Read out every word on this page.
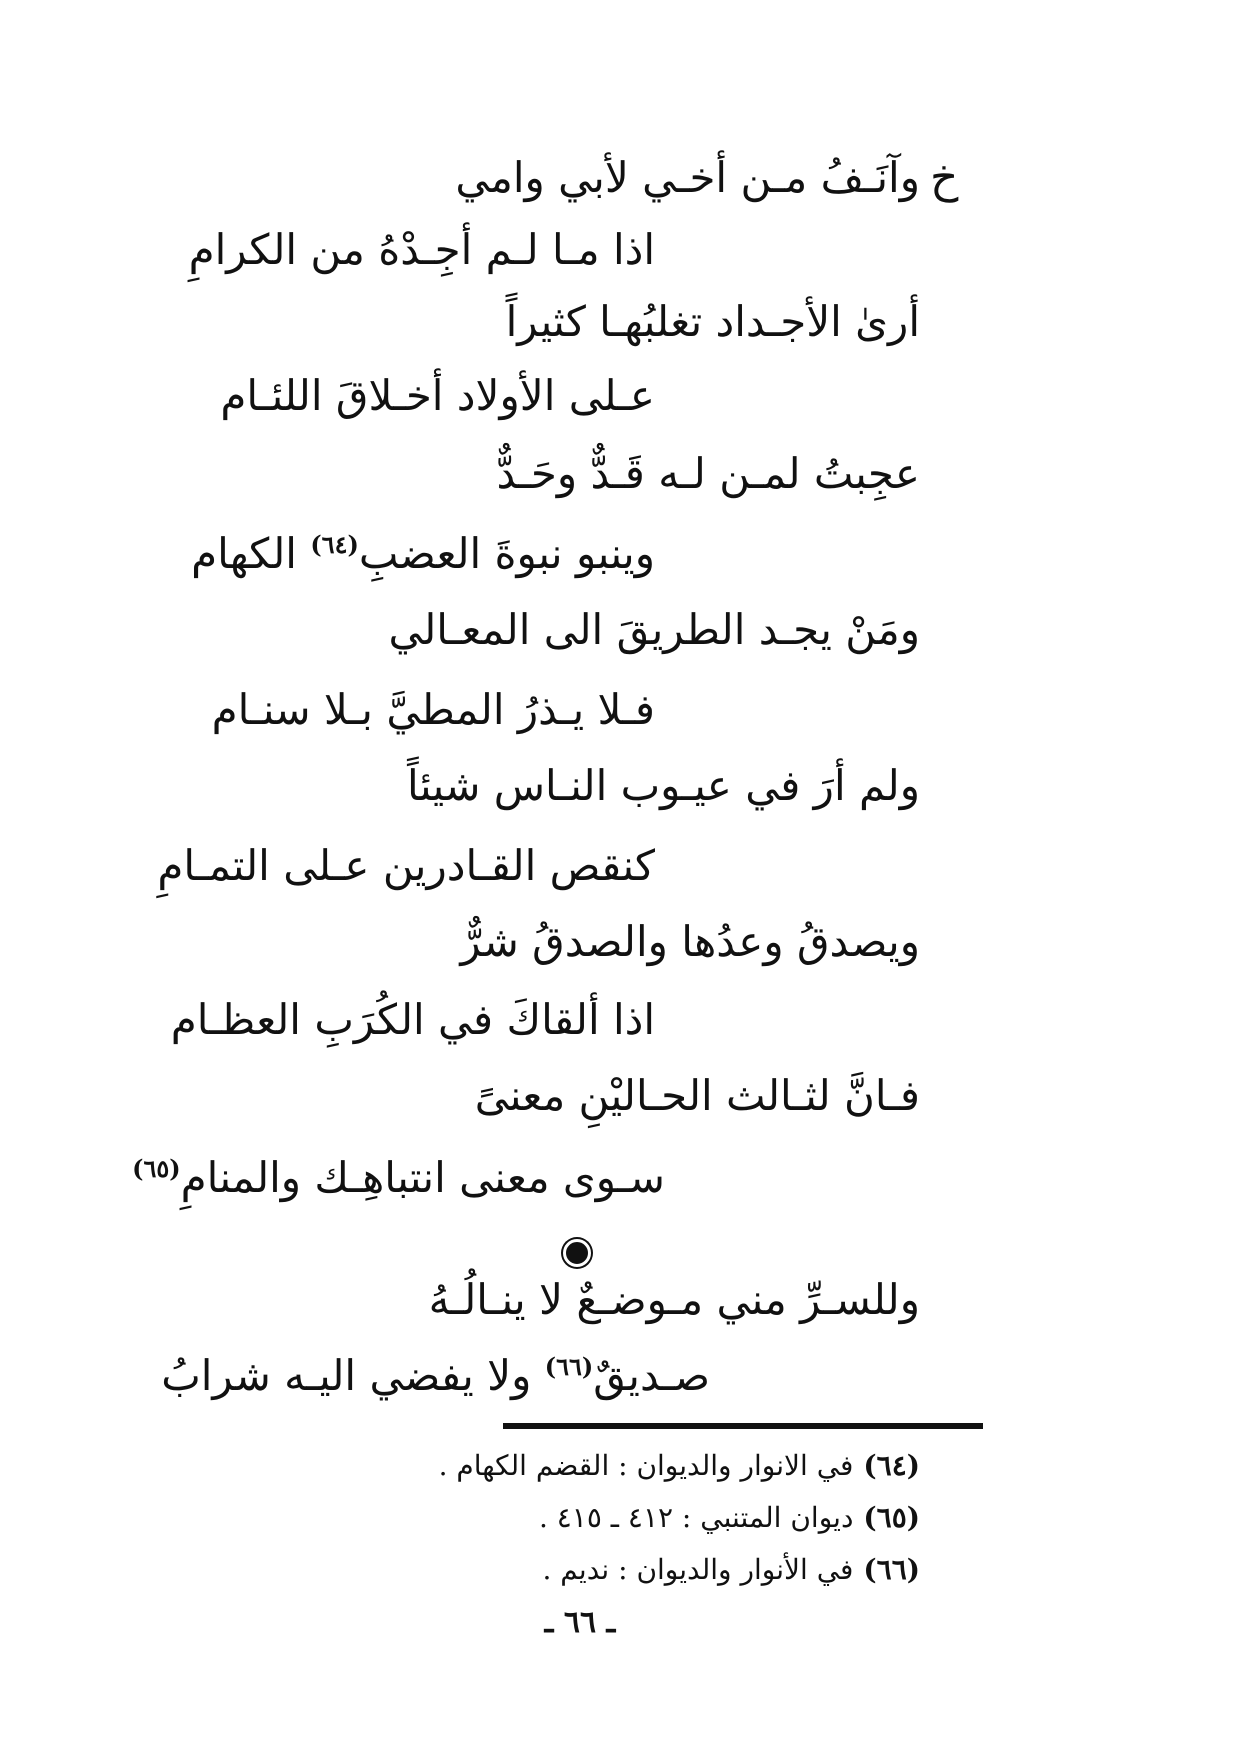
خ
وآنَـفُ مـن أخـي لأبي وامي
اذا مـا لـم أجِـدْهُ من الكرامِ
أرىٰ الأجـداد تغلبُهـا كثيراً
عـلى الأولاد أخـلاقَ اللئـام
عجِبتُ لمـن لـه قَـدٌّ وحَـدٌّ
وينبو نبوةَ العضبِ$^{(٦٤)}$ الكهام
ومَنْ يجـد الطريقَ الى المعـالي
فـلا يـذرُ المطيَّ بـلا سنـام
ولم أرَ في عيـوب النـاس شيئاً
كنقص القـادرين عـلى التمـامِ
ويصدقُ وعدُها والصدقُ شرٌّ
اذا ألقاكَ في الكُرَبِ العظـام
فـانَّ لثـالث الحـاليْنِ معنىً
سـوى معنى انتباهِـك والمنامِ$^{(٦٥)}$
وللسـرِّ مني مـوضـعٌ لا ينـالُـهُ
صـديقٌ$^{(٦٦)}$ ولا يفضي اليـه شرابُ
(٦٤)في الانوار والديوان : القضم الكهام .
(٦٥)ديوان المتنبي : ٤١٢ ـ ٤١٥ .
(٦٦)في الأنوار والديوان : نديم .
ـ ٦٦ ـ
